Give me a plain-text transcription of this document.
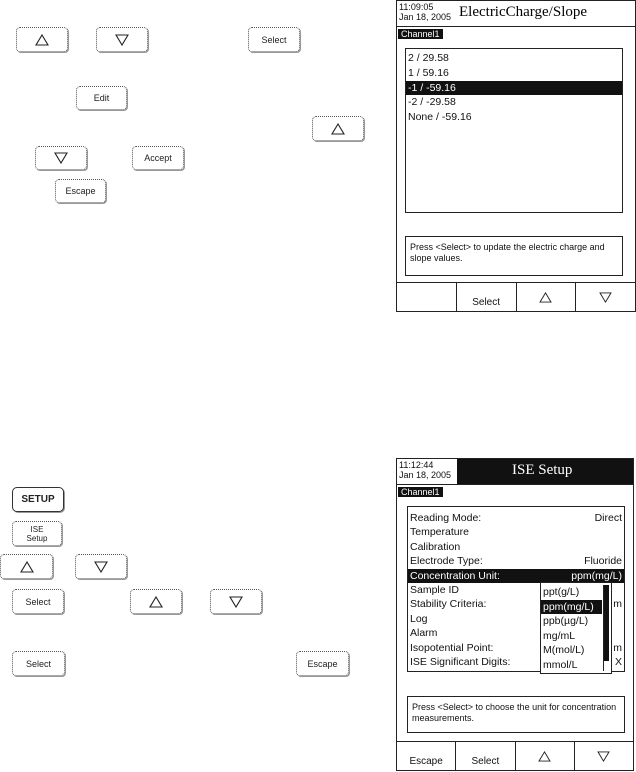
Select
Edit
Accept
Escape
11:09:05
Jan 18, 2005 ElectricCharge/Slope
Channel1
2 / 29.58
1 / 59.16
-1 / -59.16
-2 / -29.58
None / -59.16
Press <Select> to update the electric charge and slope values.
Select
SETUP
ISE
Setup
Select
Select	Escape
11:12:44
Jan 18, 2005	ISE Setup
Channel1
Reading Mode:	Direct
Temperature
Calibration
Electrode Type:	Fluoride
Concentration Unit:	ppm(mg/L)
Sample ID
Stability Criteria:	m
Log
Alarm
Isopotential Point:	m
ISE Significant Digits:	X
ppt(g/L)
ppm(mg/L)
ppb(µg/L)
mg/mL
M(mol/L)
mmol/L
Press <Select> to choose the unit for concentration measurements.
Escape	Select
